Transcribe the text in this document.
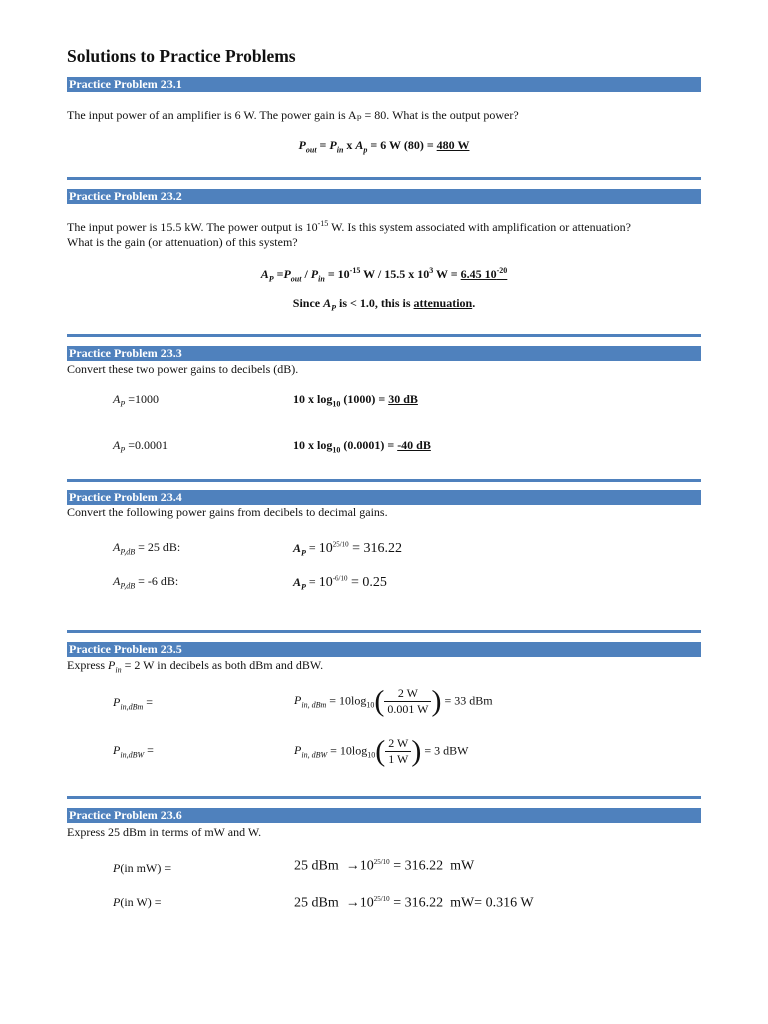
Solutions to Practice Problems
Practice Problem 23.1
The input power of an amplifier is 6 W. The power gain is Aₚ = 80. What is the output power?
$P_{out} = P_{in}$ x $A_p = 6$ W (80) = 480 W
Practice Problem 23.2
The input power is 15.5 kW. The power output is $10^{-15}$ W. Is this system associated with amplification or attenuation?
What is the gain (or attenuation) of this system?
$A_P =P_{out} / P_{in} = 10^{-15}$ W / 15.5 x $10^3$ W = 6.45 $10^{-20}$
Since $A_P$ is < 1.0, this is attenuation.
Practice Problem 23.3
Convert these two power gains to decibels (dB).
$A_P =1000$	10 x $\log_{10} (1000) = 30$ dB
$A_P =0.0001$	10 x $\log_{10} (0.0001) = -40$ dB
Practice Problem 23.4
Convert the following power gains from decibels to decimal gains.
$A_{P,dB} = 25$ dB:	$A_P = 10^{25/10} = 316.22$
$A_{P,dB} = -6$ dB:	$A_P = 10^{-6/10} = 0.25$
Practice Problem 23.5
Express $P_{in} = 2$ W in decibels as both dBm and dBW.
$P_{in,dBm}$ =	$P_{in, dBm} = 10\log_{10}( \frac{2 W}{0.001 W}$ ) = 33 dBm
$P_{in,dBW}$ =	$P_{in, dBW} = 10\log_{10}( \frac{2 W}{1 W}$ ) = 3 dBW
Practice Problem 23.6
Express 25 dBm in terms of mW and W.
P(in mW) =	25 dBm  $\to 10^{25/10} = 316.22$  mW
P(in W) =	25 dBm  $\to 10^{25/10} = 316.22$  mW= 0.316 W
